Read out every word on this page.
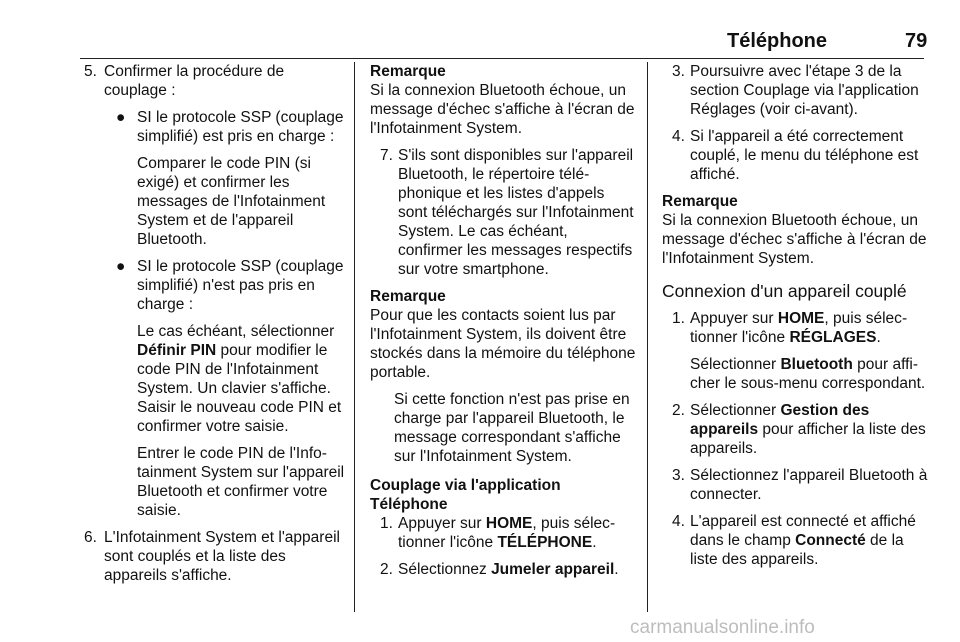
Téléphone	79
5. Confirmer la procédure de couplage :
● SI le protocole SSP (couplage simplifié) est pris en charge :
Comparer le code PIN (si exigé) et confirmer les messages de l'Infotainment System et de l'appareil Bluetooth.
● SI le protocole SSP (couplage simplifié) n'est pas pris en charge :
Le cas échéant, sélectionner Définir PIN pour modifier le code PIN de l'Infotainment System. Un clavier s'affiche. Saisir le nouveau code PIN et confirmer votre saisie.
Entrer le code PIN de l'Infotainment System sur l'appareil Bluetooth et confirmer votre saisie.
6. L'Infotainment System et l'appareil sont couplés et la liste des appareils s'affiche.
Remarque
Si la connexion Bluetooth échoue, un message d'échec s'affiche à l'écran de l'Infotainment System.
7. S'ils sont disponibles sur l'appareil Bluetooth, le répertoire téléphonique et les listes d'appels sont téléchargés sur l'Infotainment System. Le cas échéant, confirmer les messages respectifs sur votre smartphone.
Remarque
Pour que les contacts soient lus par l'Infotainment System, ils doivent être stockés dans la mémoire du téléphone portable.
Si cette fonction n'est pas prise en charge par l'appareil Bluetooth, le message correspondant s'affiche sur l'Infotainment System.
Couplage via l'application Téléphone
1. Appuyer sur HOME, puis sélectionner l'icône TÉLÉPHONE.
2. Sélectionnez Jumeler appareil.
3. Poursuivre avec l'étape 3 de la section Couplage via l'application Réglages (voir ci-avant).
4. Si l'appareil a été correctement couplé, le menu du téléphone est affiché.
Remarque
Si la connexion Bluetooth échoue, un message d'échec s'affiche à l'écran de l'Infotainment System.
Connexion d'un appareil couplé
1. Appuyer sur HOME, puis sélectionner l'icône RÉGLAGES.
Sélectionner Bluetooth pour afficher le sous-menu correspondant.
2. Sélectionner Gestion des appareils pour afficher la liste des appareils.
3. Sélectionnez l'appareil Bluetooth à connecter.
4. L'appareil est connecté et affiché dans le champ Connecté de la liste des appareils.
carmanualsonline.info
